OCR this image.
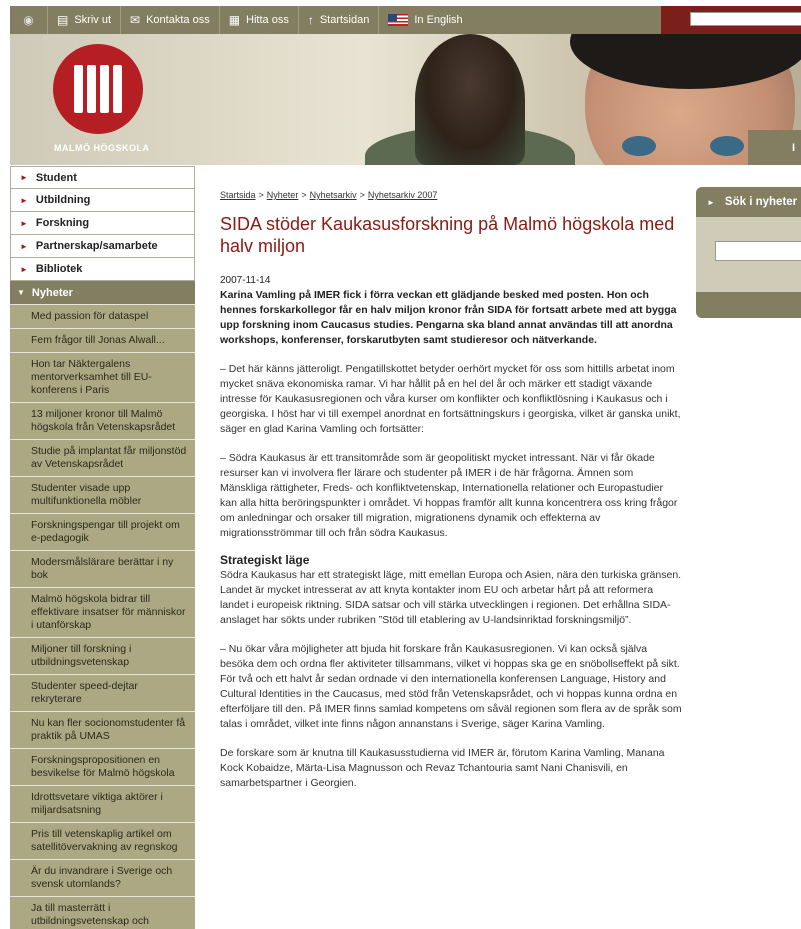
◉ ▤ Skriv ut ✉ Kontakta oss ▦ Hitta oss ↑ Startsidan	In English
MALMÖ HÖGSKOLA	I
► Student
► Utbildning
► Forskning
► Partnerskap/samarbete
► Bibliotek
▼ Nyheter
Med passion för dataspel
Fem frågor till Jonas Alwall...
Hon tar Näktergalens mentorverksamhet till EU-konferens i Paris
13 miljoner kronor till Malmö högskola från Vetenskapsrådet
Studie på implantat får miljonstöd av Vetenskapsrådet
Studenter visade upp multifunktionella möbler
Forskningspengar till projekt om e-pedagogik
Modersmålslärare berättar i ny bok
Malmö högskola bidrar till effektivare insatser för människor i utanförskap
Miljoner till forskning i utbildningsvetenskap
Studenter speed-dejtar rekryterare
Nu kan fler socionomstudenter få praktik på UMAS
Forskningspropositionen en besvikelse för Malmö högskola
Idrottsvetare viktiga aktörer i miljardsatsning
Pris till vetenskaplig artikel om satellitövervakning av regnskog
Är du invandrare i Sverige och svensk utomlands?
Ja till masterrätt i utbildningsvetenskap och
Startsida > Nyheter > Nyhetsarkiv > Nyhetsarkiv 2007
SIDA stöder Kaukasusforskning på Malmö högskola med halv miljon
2007-11-14

Karina Vamling på IMER fick i förra veckan ett glädjande besked med posten. Hon och hennes forskarkollegor får en halv miljon kronor från SIDA för fortsatt arbete med att bygga upp forskning inom Caucasus studies. Pengarna ska bland annat användas till att anordna workshops, konferenser, forskarutbyten samt studieresor och nätverkande.

– Det här känns jätteroligt. Pengatillskottet betyder oerhört mycket för oss som hittills arbetat inom mycket snäva ekonomiska ramar. Vi har hållit på en hel del år och märker ett stadigt växande intresse för Kaukasusregionen och våra kurser om konflikter och konfliktlösning i Kaukasus och i georgiska. I höst har vi till exempel anordnat en fortsättningskurs i georgiska, vilket är ganska unikt, säger en glad Karina Vamling och fortsätter:

– Södra Kaukasus är ett transitområde som är geopolitiskt mycket intressant. När vi får ökade resurser kan vi involvera fler lärare och studenter på IMER i de här frågorna. Ämnen som Mänskliga rättigheter, Freds- och konfliktvetenskap, Internationella relationer och Europastudier kan alla hitta beröringspunkter i området. Vi hoppas framför allt kunna koncentrera oss kring frågor om anledningar och orsaker till migration, migrationens dynamik och effekterna av migrationsströmmar till och från södra Kaukasus.

Strategiskt läge

Södra Kaukasus har ett strategiskt läge, mitt emellan Europa och Asien, nära den turkiska gränsen. Landet är mycket intresserat av att knyta kontakter inom EU och arbetar hårt på att reformera landet i europeisk riktning. SIDA satsar och vill stärka utvecklingen i regionen. Det erhållna SIDA-anslaget har sökts under rubriken ”Stöd till etablering av U-landsinriktad forskningsmiljö”.

– Nu ökar våra möjligheter att bjuda hit forskare från Kaukasusregionen. Vi kan också själva besöka dem och ordna fler aktiviteter tillsammans, vilket vi hoppas ska ge en snöbollseffekt på sikt. För två och ett halvt år sedan ordnade vi den internationella konferensen Language, History and Cultural Identities in the Caucasus, med stöd från Vetenskapsrådet, och vi hoppas kunna ordna en efterföljare till den. På IMER finns samlad kompetens om såväl regionen som flera av de språk som talas i området, vilket inte finns någon annanstans i Sverige, säger Karina Vamling.

De forskare som är knutna till Kaukasusstudierna vid IMER är, förutom Karina Vamling, Manana Kock Kobaidze, Märta-Lisa Magnusson och Revaz Tchantouria samt Nani Chanisvili, en samarbetspartner i Georgien.

► Sök i nyheter
